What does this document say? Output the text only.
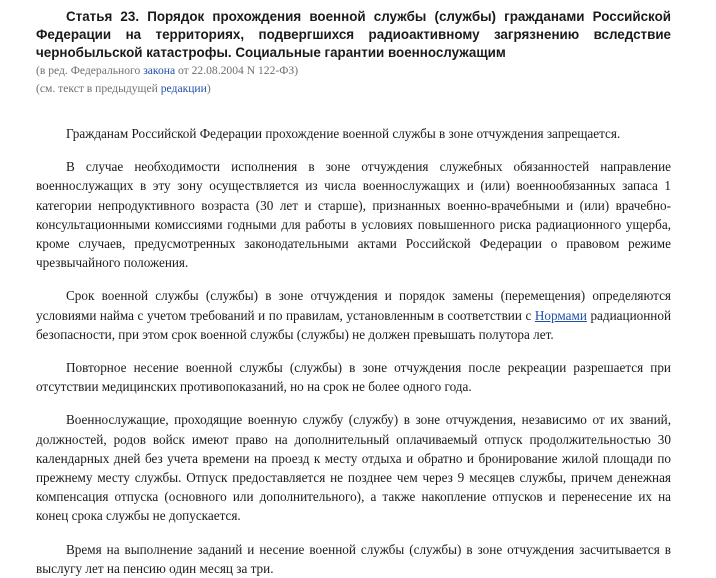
Статья 23. Порядок прохождения военной службы (службы) гражданами Российской Федерации на территориях, подвергшихся радиоактивному загрязнению вследствие чернобыльской катастрофы. Социальные гарантии военнослужащим

(в ред. Федерального закона от 22.08.2004 N 122-ФЗ)

(см. текст в предыдущей редакции)

Гражданам Российской Федерации прохождение военной службы в зоне отчуждения запрещается.

В случае необходимости исполнения в зоне отчуждения служебных обязанностей направление военнослужащих в эту зону осуществляется из числа военнослужащих и (или) военнообязанных запаса 1 категории непродуктивного возраста (30 лет и старше), признанных военно-врачебными и (или) врачебно-консультационными комиссиями годными для работы в условиях повышенного риска радиационного ущерба, кроме случаев, предусмотренных законодательными актами Российской Федерации о правовом режиме чрезвычайного положения.

Срок военной службы (службы) в зоне отчуждения и порядок замены (перемещения) определяются условиями найма с учетом требований и по правилам, установленным в соответствии с Нормами радиационной безопасности, при этом срок военной службы (службы) не должен превышать полутора лет.

Повторное несение военной службы (службы) в зоне отчуждения после рекреации разрешается при отсутствии медицинских противопоказаний, но на срок не более одного года.

Военнослужащие, проходящие военную службу (службу) в зоне отчуждения, независимо от их званий, должностей, родов войск имеют право на дополнительный оплачиваемый отпуск продолжительностью 30 календарных дней без учета времени на проезд к месту отдыха и обратно и бронирование жилой площади по прежнему месту службы. Отпуск предоставляется не позднее чем через 9 месяцев службы, причем денежная компенсация отпуска (основного или дополнительного), а также накопление отпусков и перенесение их на конец срока службы не допускается.

Время на выполнение заданий и несение военной службы (службы) в зоне отчуждения засчитывается в выслугу лет на пенсию один месяц за три.
